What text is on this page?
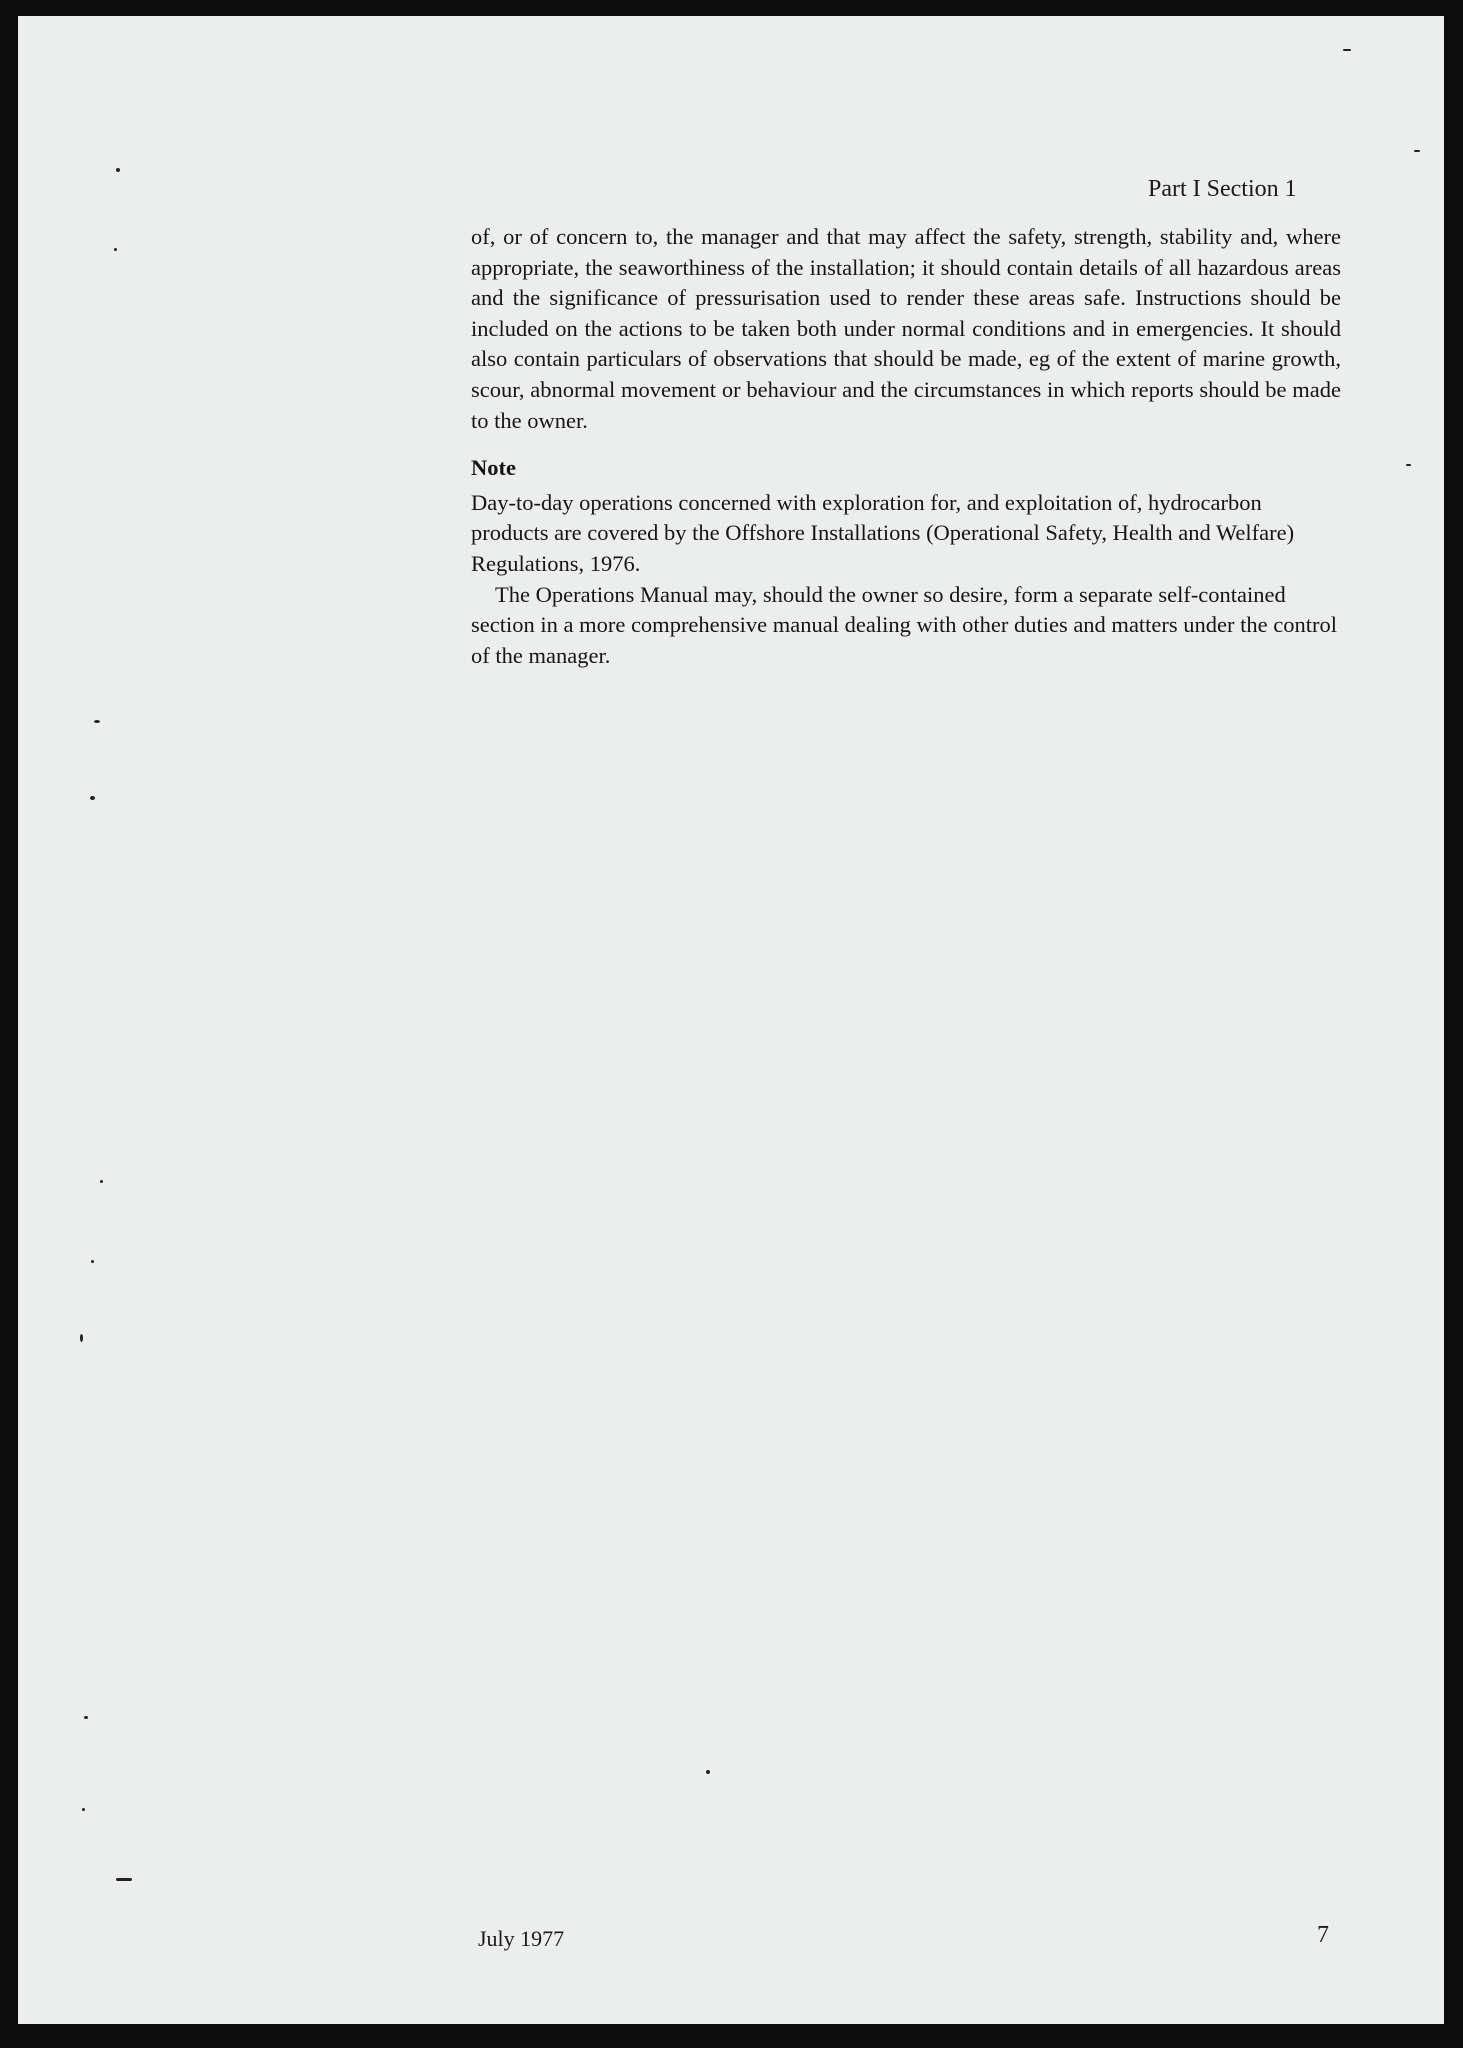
Part I Section 1

of, or of concern to, the manager and that may affect the safety, strength, stability and, where appropriate, the seaworthiness of the installation; it should contain details of all hazardous areas and the significance of pressurisation used to render these areas safe. Instructions should be included on the actions to be taken both under normal conditions and in emergencies. It should also contain particulars of observations that should be made, eg of the extent of marine growth, scour, abnormal movement or behaviour and the circumstances in which reports should be made to the owner.

Note

Day-to-day operations concerned with exploration for, and exploitation of, hydrocarbon products are covered by the Offshore Installations (Operational Safety, Health and Welfare) Regulations, 1976.

The Operations Manual may, should the owner so desire, form a separate self-contained section in a more comprehensive manual dealing with other duties and matters under the control of the manager.

July 1977	7
